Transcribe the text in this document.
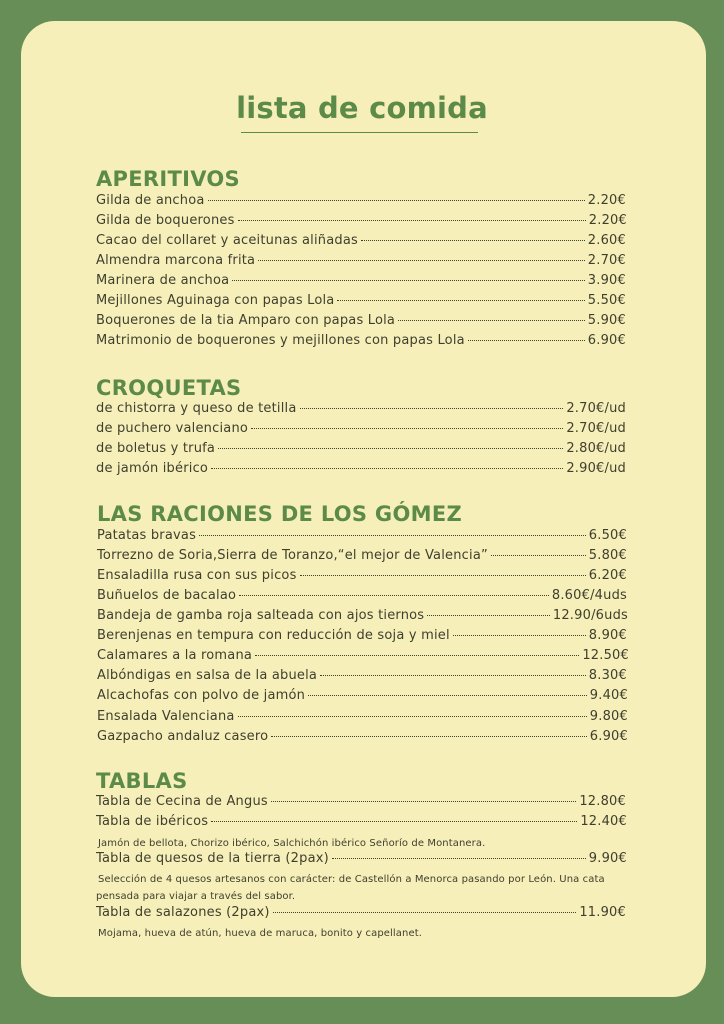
lista de comida
APERITIVOS
Gilda de anchoa	2.20€
Gilda de boquerones	2.20€
Cacao del collaret y aceitunas aliñadas	2.60€
Almendra marcona frita	2.70€
Marinera de anchoa	3.90€
Mejillones Aguinaga con papas Lola	5.50€
Boquerones de la tia Amparo con papas Lola	5.90€
Matrimonio de boquerones y mejillones con papas Lola	6.90€
CROQUETAS
de chistorra y queso de tetilla	2.70€/ud
de puchero valenciano	2.70€/ud
de boletus y trufa	2.80€/ud
de jamón ibérico	2.90€/ud
LAS RACIONES DE LOS GÓMEZ
Patatas bravas	6.50€
Torrezno de Soria,Sierra de Toranzo,“el mejor de Valencia”	5.80€
Ensaladilla rusa con sus picos	6.20€
Buñuelos de bacalao	8.60€/4uds
Bandeja de gamba roja salteada con ajos tiernos	12.90/6uds
Berenjenas en tempura con reducción de soja y miel	8.90€
Calamares a la romana	12.50€
Albóndigas en salsa de la abuela	8.30€
Alcachofas con polvo de jamón	9.40€
Ensalada Valenciana	9.80€
Gazpacho andaluz casero	6.90€
TABLAS
Tabla de Cecina de Angus	12.80€
Tabla de ibéricos	12.40€
Jamón de bellota, Chorizo ibérico, Salchichón ibérico Señorío de Montanera.
Tabla de quesos de la tierra (2pax)	9.90€
Selección de 4 quesos artesanos con carácter: de Castellón a Menorca pasando por León. Una cata pensada para viajar a través del sabor.
Tabla de salazones (2pax)	11.90€
Mojama, hueva de atún, hueva de maruca, bonito y capellanet.
